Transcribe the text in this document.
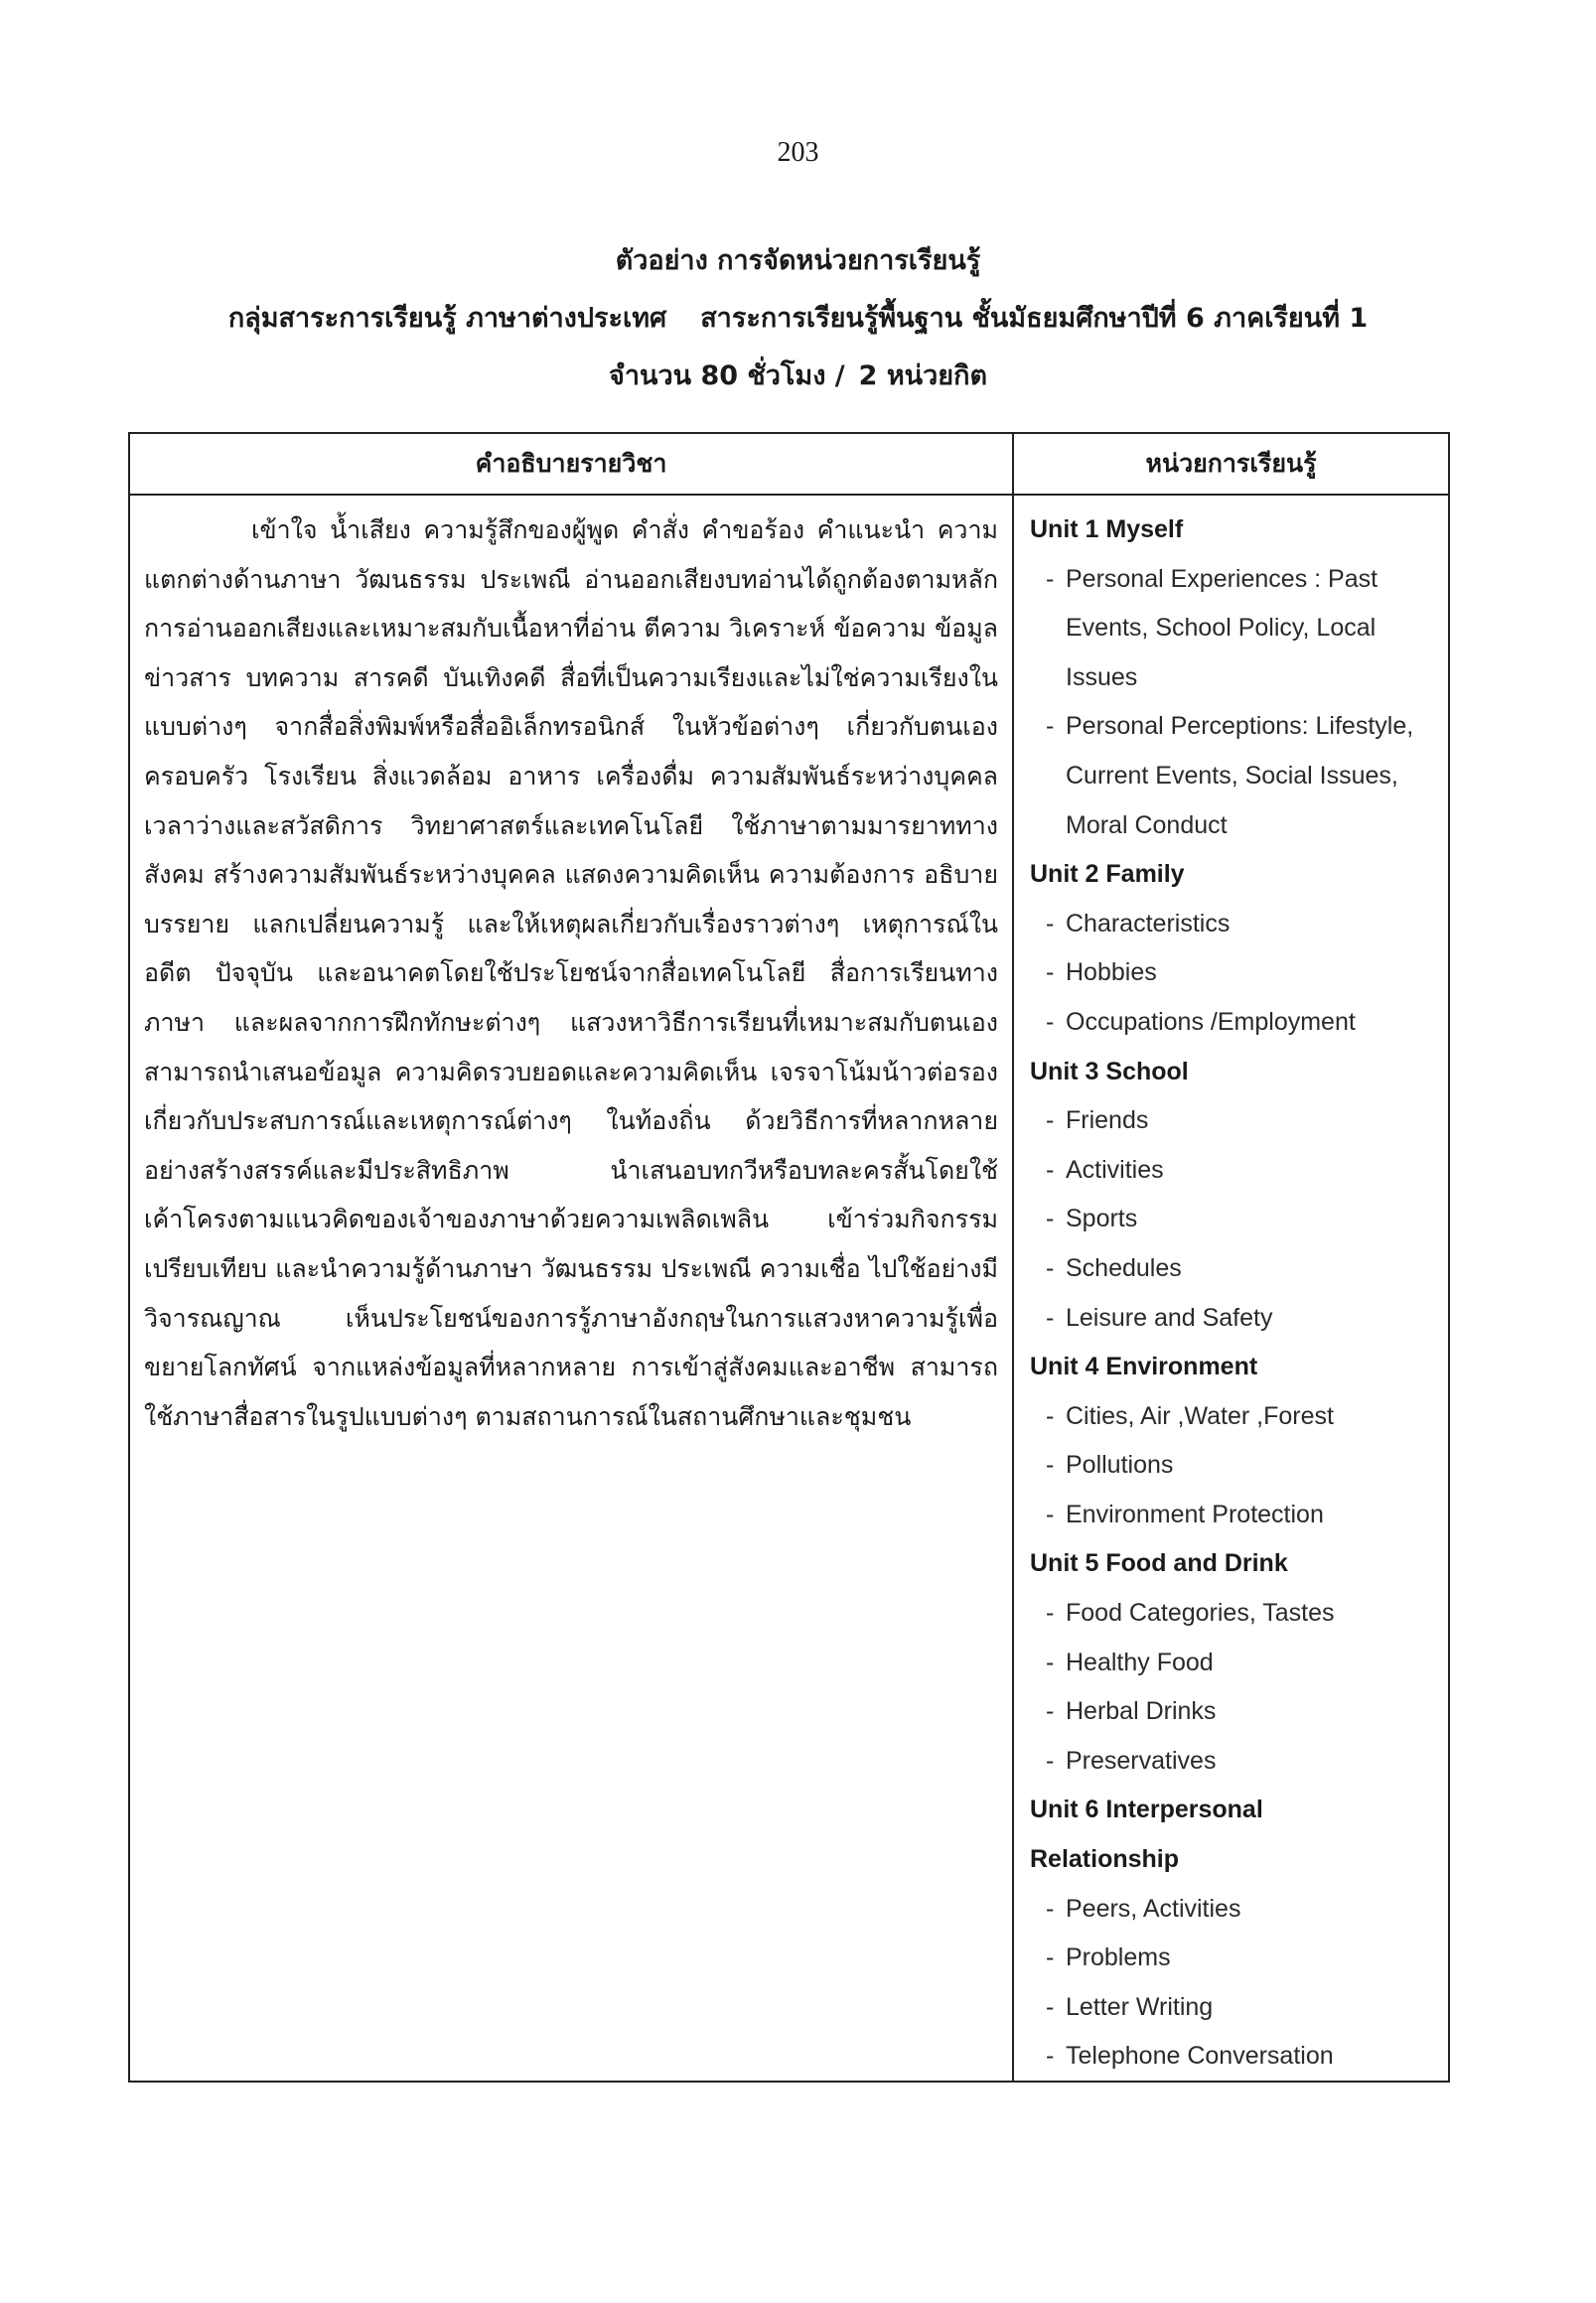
203
ตัวอย่าง การจัดหน่วยการเรียนรู้
กลุ่มสาระการเรียนรู้ ภาษาต่างประเทศ สาระการเรียนรู้พื้นฐาน ชั้นมัธยมศึกษาปีที่ 6 ภาคเรียนที่ 1
จำนวน 80 ชั่วโมง / 2 หน่วยกิต
คำอธิบายรายวิชา	หน่วยการเรียนรู้
เข้าใจ น้ำเสียง ความรู้สึกของผู้พูด คำสั่ง คำขอร้อง คำแนะนำ ความแตกต่างด้านภาษา วัฒนธรรม ประเพณี อ่านออกเสียงบทอ่านได้ถูกต้องตามหลักการอ่านออกเสียงและเหมาะสมกับเนื้อหาที่อ่าน ตีความ วิเคราะห์ ข้อความ ข้อมูล ข่าวสาร บทความ สารคดี บันเทิงคดี สื่อที่เป็นความเรียงและไม่ใช่ความเรียงในแบบต่างๆ จากสื่อสิ่งพิมพ์หรือสื่ออิเล็กทรอนิกส์ ในหัวข้อต่างๆ เกี่ยวกับตนเอง ครอบครัว โรงเรียน สิ่งแวดล้อม อาหาร เครื่องดื่ม ความสัมพันธ์ระหว่างบุคคล เวลาว่างและสวัสดิการ วิทยาศาสตร์และเทคโนโลยี ใช้ภาษาตามมารยาททางสังคม สร้างความสัมพันธ์ระหว่างบุคคล แสดงความคิดเห็น ความต้องการ อธิบาย บรรยาย แลกเปลี่ยนความรู้ และให้เหตุผลเกี่ยวกับเรื่องราวต่างๆ เหตุการณ์ในอดีต ปัจจุบัน และอนาคตโดยใช้ประโยชน์จากสื่อเทคโนโลยี สื่อการเรียนทางภาษา และผลจากการฝึกทักษะต่างๆ แสวงหาวิธีการเรียนที่เหมาะสมกับตนเอง สามารถนำเสนอข้อมูล ความคิดรวบยอดและความคิดเห็น เจรจาโน้มน้าวต่อรองเกี่ยวกับประสบการณ์และเหตุการณ์ต่างๆ ในท้องถิ่น ด้วยวิธีการที่หลากหลายอย่างสร้างสรรค์และมีประสิทธิภาพ นำเสนอบทกวีหรือบทละครสั้นโดยใช้เค้าโครงตามแนวคิดของเจ้าของภาษาด้วยความเพลิดเพลิน เข้าร่วมกิจกรรม เปรียบเทียบ และนำความรู้ด้านภาษา วัฒนธรรม ประเพณี ความเชื่อ ไปใช้อย่างมีวิจารณญาณ เห็นประโยชน์ของการรู้ภาษาอังกฤษในการแสวงหาความรู้เพื่อขยายโลกทัศน์ จากแหล่งข้อมูลที่หลากหลาย การเข้าสู่สังคมและอาชีพ สามารถใช้ภาษาสื่อสารในรูปแบบต่างๆ ตามสถานการณ์ในสถานศึกษาและชุมชน
Unit 1 Myself
- Personal Experiences : Past Events, School Policy, Local Issues
- Personal Perceptions: Lifestyle, Current Events, Social Issues, Moral Conduct
Unit 2 Family
- Characteristics
- Hobbies
- Occupations /Employment
Unit 3 School
- Friends
- Activities
- Sports
- Schedules
- Leisure and Safety
Unit 4 Environment
- Cities, Air ,Water ,Forest
- Pollutions
- Environment Protection
Unit 5 Food and Drink
- Food Categories, Tastes
- Healthy Food
- Herbal Drinks
- Preservatives
Unit 6 Interpersonal Relationship
- Peers, Activities
- Problems
- Letter Writing
- Telephone Conversation
